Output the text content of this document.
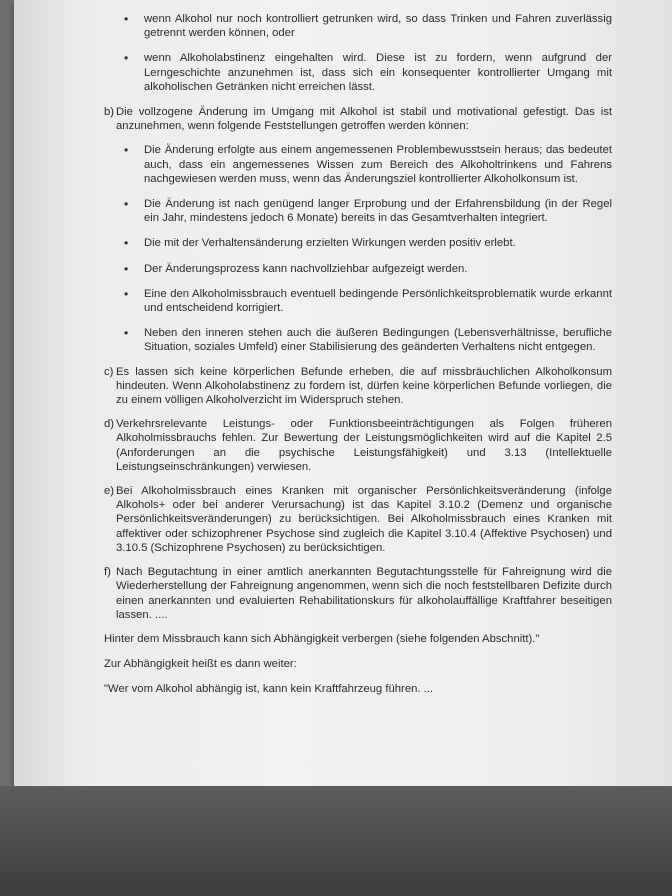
• wenn Alkohol nur noch kontrolliert getrunken wird, so dass Trinken und Fahren zuverlässig getrennt werden können, oder
• wenn Alkoholabstinenz eingehalten wird. Diese ist zu fordern, wenn aufgrund der Lerngeschichte anzunehmen ist, dass sich ein konsequenter kontrollierter Umgang mit alkoholischen Getränken nicht erreichen lässt.
b) Die vollzogene Änderung im Umgang mit Alkohol ist stabil und motivational gefestigt. Das ist anzunehmen, wenn folgende Feststellungen getroffen werden können:
• Die Änderung erfolgte aus einem angemessenen Problembewusstsein heraus; das bedeutet auch, dass ein angemessenes Wissen zum Bereich des Alkoholtrinkens und Fahrens nachgewiesen werden muss, wenn das Änderungsziel kontrollierter Alkoholkonsum ist.
• Die Änderung ist nach genügend langer Erprobung und der Erfahrensbildung (in der Regel ein Jahr, mindestens jedoch 6 Monate) bereits in das Gesamtverhalten integriert.
• Die mit der Verhaltensänderung erzielten Wirkungen werden positiv erlebt.
• Der Änderungsprozess kann nachvollziehbar aufgezeigt werden.
• Eine den Alkoholmissbrauch eventuell bedingende Persönlichkeitsproblematik wurde erkannt und entscheidend korrigiert.
• Neben den inneren stehen auch die äußeren Bedingungen (Lebensverhältnisse, berufliche Situation, soziales Umfeld) einer Stabilisierung des geänderten Verhaltens nicht entgegen.
c) Es lassen sich keine körperlichen Befunde erheben, die auf missbräuchlichen Alkoholkonsum hindeuten. Wenn Alkoholabstinenz zu fordern ist, dürfen keine körperlichen Befunde vorliegen, die zu einem völligen Alkoholverzicht im Widerspruch stehen.
d) Verkehrsrelevante Leistungs- oder Funktionsbeeinträchtigungen als Folgen früheren Alkoholmissbrauchs fehlen. Zur Bewertung der Leistungsmöglichkeiten wird auf die Kapitel 2.5 (Anforderungen an die psychische Leistungsfähigkeit) und 3.13 (Intellektuelle Leistungseinschränkungen) verwiesen.
e) Bei Alkoholmissbrauch eines Kranken mit organischer Persönlichkeitsveränderung (infolge Alkohols+ oder bei anderer Verursachung) ist das Kapitel 3.10.2 (Demenz und organische Persönlichkeitsveränderungen) zu berücksichtigen. Bei Alkoholmissbrauch eines Kranken mit affektiver oder schizophrener Psychose sind zugleich die Kapitel 3.10.4 (Affektive Psychosen) und 3.10.5 (Schizophrene Psychosen) zu berücksichtigen.
f) Nach Begutachtung in einer amtlich anerkannten Begutachtungsstelle für Fahreignung wird die Wiederherstellung der Fahreignung angenommen, wenn sich die noch feststellbaren Defizite durch einen anerkannten und evaluierten Rehabilitationskurs für alkoholauffällige Kraftfahrer beseitigen lassen. ....
Hinter dem Missbrauch kann sich Abhängigkeit verbergen (siehe folgenden Abschnitt)."
Zur Abhängigkeit heißt es dann weiter:
"Wer vom Alkohol abhängig ist, kann kein Kraftfahrzeug führen. ...
